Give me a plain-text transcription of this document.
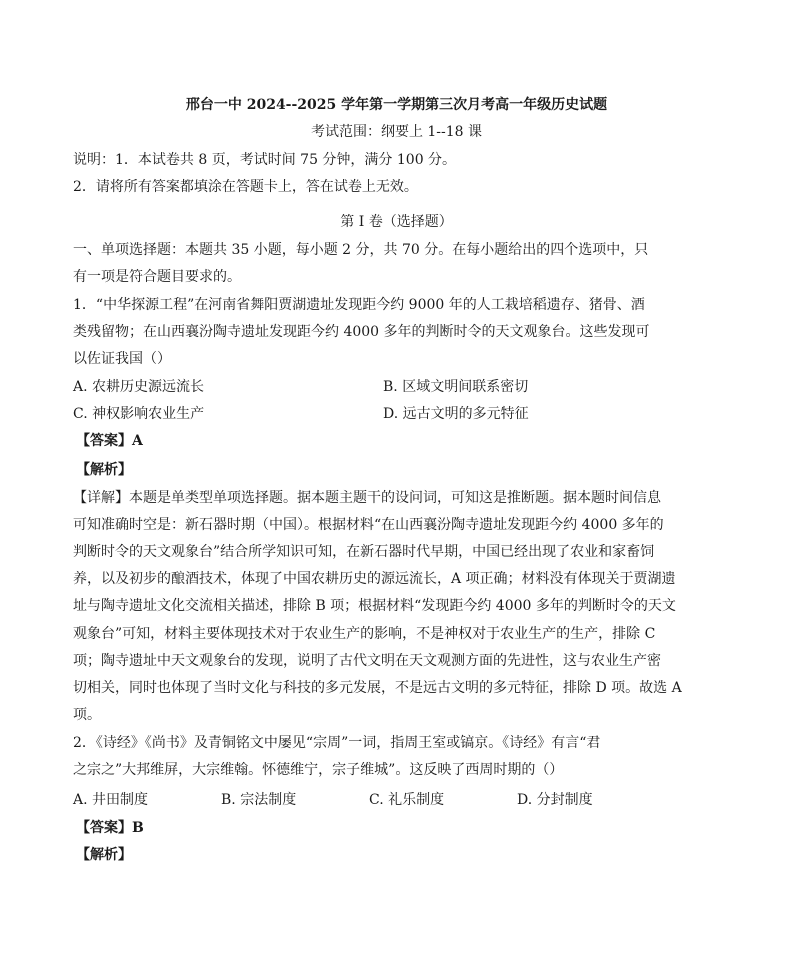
邢台一中 2024--2025 学年第一学期第三次月考高一年级历史试题
考试范围：纲要上 1--18 课
说明：1．本试卷共 8 页，考试时间 75 分钟，满分 100 分。
2．请将所有答案都填涂在答题卡上，答在试卷上无效。
第 I 卷（选择题）
一、单项选择题：本题共 35 小题，每小题 2 分，共 70 分。在每小题给出的四个选项中，只
有一项是符合题目要求的。
1．“中华探源工程”在河南省舞阳贾湖遗址发现距今约 9000 年的人工栽培稻遗存、猪骨、酒
类残留物；在山西襄汾陶寺遗址发现距今约 4000 多年的判断时令的天文观象台。这些发现可
以佐证我国（）
A. 农耕历史源远流长	B. 区域文明间联系密切
C. 神权影响农业生产	D. 远古文明的多元特征
【答案】A
【解析】
【详解】本题是单类型单项选择题。据本题主题干的设问词，可知这是推断题。据本题时间信息
可知准确时空是：新石器时期（中国）。根据材料“在山西襄汾陶寺遗址发现距今约 4000 多年的
判断时令的天文观象台”结合所学知识可知，在新石器时代早期，中国已经出现了农业和家畜饲
养，以及初步的酿酒技术，体现了中国农耕历史的源远流长，A 项正确；材料没有体现关于贾湖遗
址与陶寺遗址文化交流相关描述，排除 B 项；根据材料“发现距今约 4000 多年的判断时令的天文
观象台”可知，材料主要体现技术对于农业生产的影响，不是神权对于农业生产的生产，排除 C
项；陶寺遗址中天文观象台的发现，说明了古代文明在天文观测方面的先进性，这与农业生产密
切相关，同时也体现了当时文化与科技的多元发展，不是远古文明的多元特征，排除 D 项。故选 A
项。
2．《诗经》《尚书》及青铜铭文中屡见“宗周”一词，指周王室或镐京。《诗经》有言“君
之宗之”大邦维屏，大宗维翰。怀德维宁，宗子维城”。这反映了西周时期的（）
A. 井田制度	B. 宗法制度	C. 礼乐制度	D. 分封制度
【答案】B
【解析】
